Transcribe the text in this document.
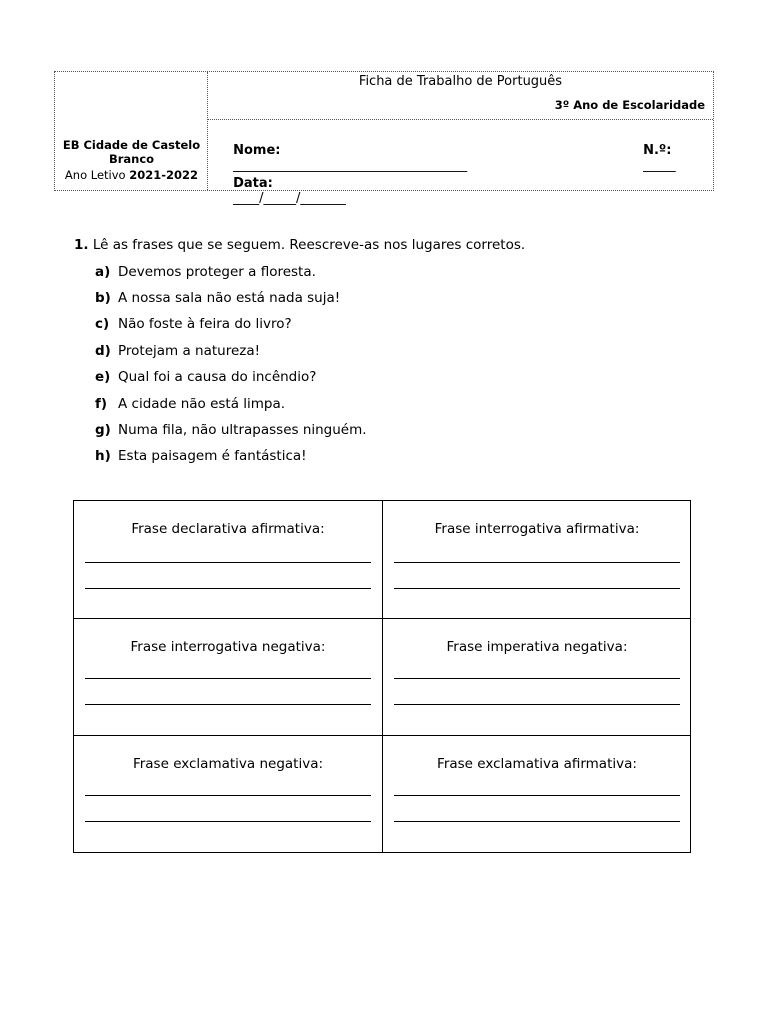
EB Cidade de Castelo Branco
Ano Letivo 2021-2022
Ficha de Trabalho de Português
3º Ano de Escolaridade

Nome:
____________________________________

N.º:
_____

Data:
____/_____/_______

1. Lê as frases que se seguem. Reescreve-as nos lugares corretos.
a) Devemos proteger a floresta.
b) A nossa sala não está nada suja!
c) Não foste à feira do livro?
d) Protejam a natureza!
e) Qual foi a causa do incêndio?
f) A cidade não está limpa.
g) Numa fila, não ultrapasses ninguém.
h) Esta paisagem é fantástica!
Frase declarativa afirmativa:	Frase interrogativa afirmativa:
Frase interrogativa negativa:	Frase imperativa negativa:
Frase exclamativa negativa:	Frase exclamativa afirmativa:
